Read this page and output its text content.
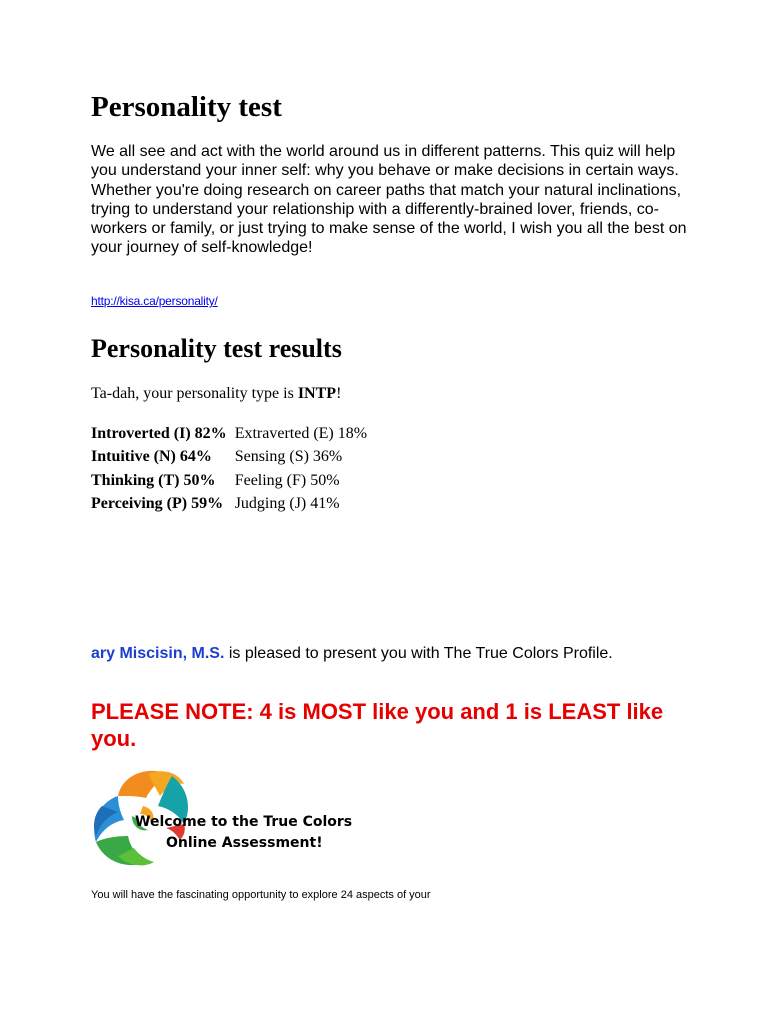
Personality test

We all see and act with the world around us in different patterns. This quiz will help you understand your inner self: why you behave or make decisions in certain ways. Whether you're doing research on career paths that match your natural inclinations, trying to understand your relationship with a differently-brained lover, friends, co-workers or family, or just trying to make sense of the world, I wish you all the best on your journey of self-knowledge!

http://kisa.ca/personality/
Personality test results

Ta-dah, your personality type is INTP!

Introverted (I) 82%	Extraverted (E) 18%
Intuitive (N) 64%	Sensing (S) 36%
Thinking (T) 50%	Feeling (F) 50%
Perceiving (P) 59%	Judging (J) 41%

ary Miscisin, M.S. is pleased to present you with The True Colors Profile.

PLEASE NOTE: 4 is MOST like you and 1 is LEAST like you.

Welcome to the True Colors
Online Assessment!

You will have the fascinating opportunity to explore 24 aspects of your
